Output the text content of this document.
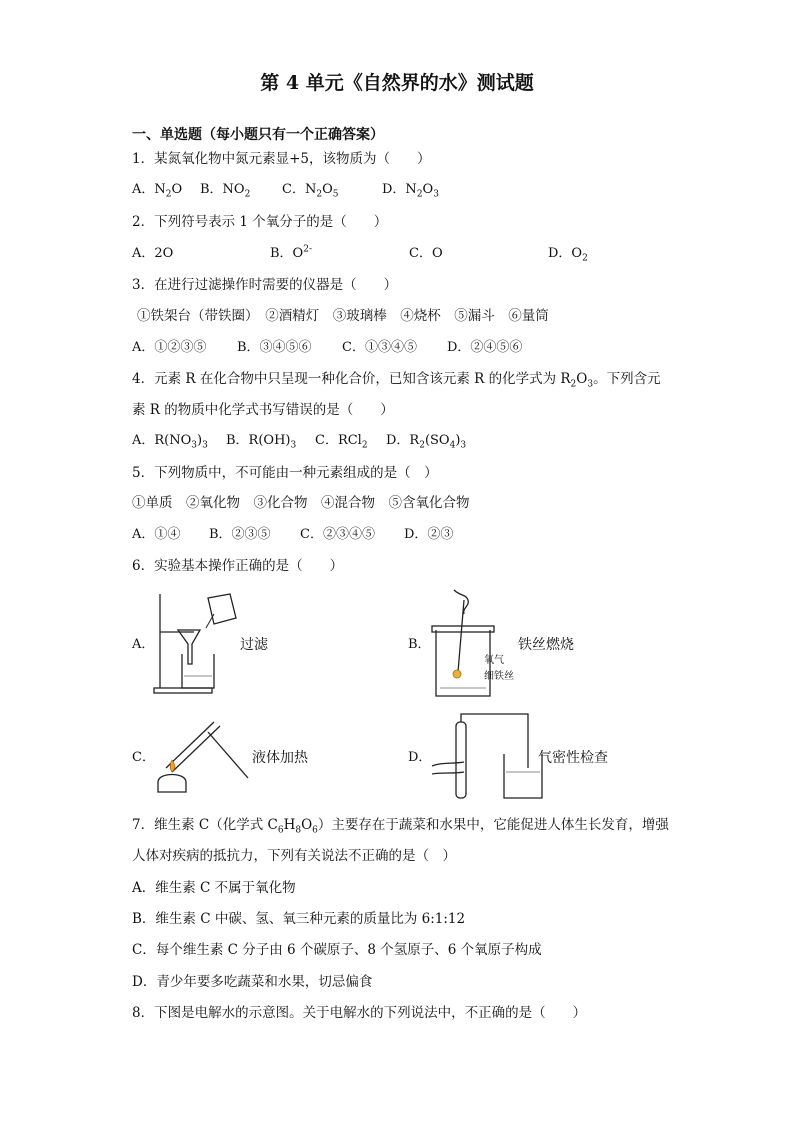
第 4 单元《自然界的水》测试题
一、单选题（每小题只有一个正确答案）
1．某氮氧化物中氮元素显+5，该物质为（　　）
A．$N_2O$ B．$NO_2$ C．$N_2O_5$	D．$N_2O_3$
2．下列符号表示 1 个氧分子的是（　　）
A．2O	B．$O^{2-}$	C．O	D．$O_2$
3．在进行过滤操作时需要的仪器是（　　）
①铁架台（带铁圈）　②酒精灯　③玻璃棒　④烧杯　⑤漏斗　⑥量筒
A．①②③⑤ B．③④⑤⑥ C．①③④⑤ D．②④⑤⑥
4．元素 R 在化合物中只呈现一种化合价，已知含该元素 R 的化学式为 $R_2O_3$。下列含元
素 R 的物质中化学式书写错误的是（　　）
A．$R(NO_3)_3$ B．$R(OH)_3$ C．RCl$_2$ D．$R_2(SO_4)_3$
5．下列物质中，不可能由一种元素组成的是（　）
①单质　②氧化物　③化合物　④混合物　⑤含氧化合物
A．①④ B．②③⑤ C．②③④⑤ D．②③
6．实验基本操作正确的是（　　）
A．	过滤	B．	铁丝燃烧
氧气
细铁丝
C．	液体加热	D．	气密性检查
7．维生素 C（化学式 $C_6H_8O_6$）主要存在于蔬菜和水果中，它能促进人体生长发育，增强
人体对疾病的抵抗力，下列有关说法不正确的是（　）
A．维生素 C 不属于氧化物
B．维生素 C 中碳、氢、氧三种元素的质量比为 6:1:12
C．每个维生素 C 分子由 6 个碳原子、8 个氢原子、6 个氧原子构成
D．青少年要多吃蔬菜和水果，切忌偏食
8．下图是电解水的示意图。关于电解水的下列说法中，不正确的是（　　）
